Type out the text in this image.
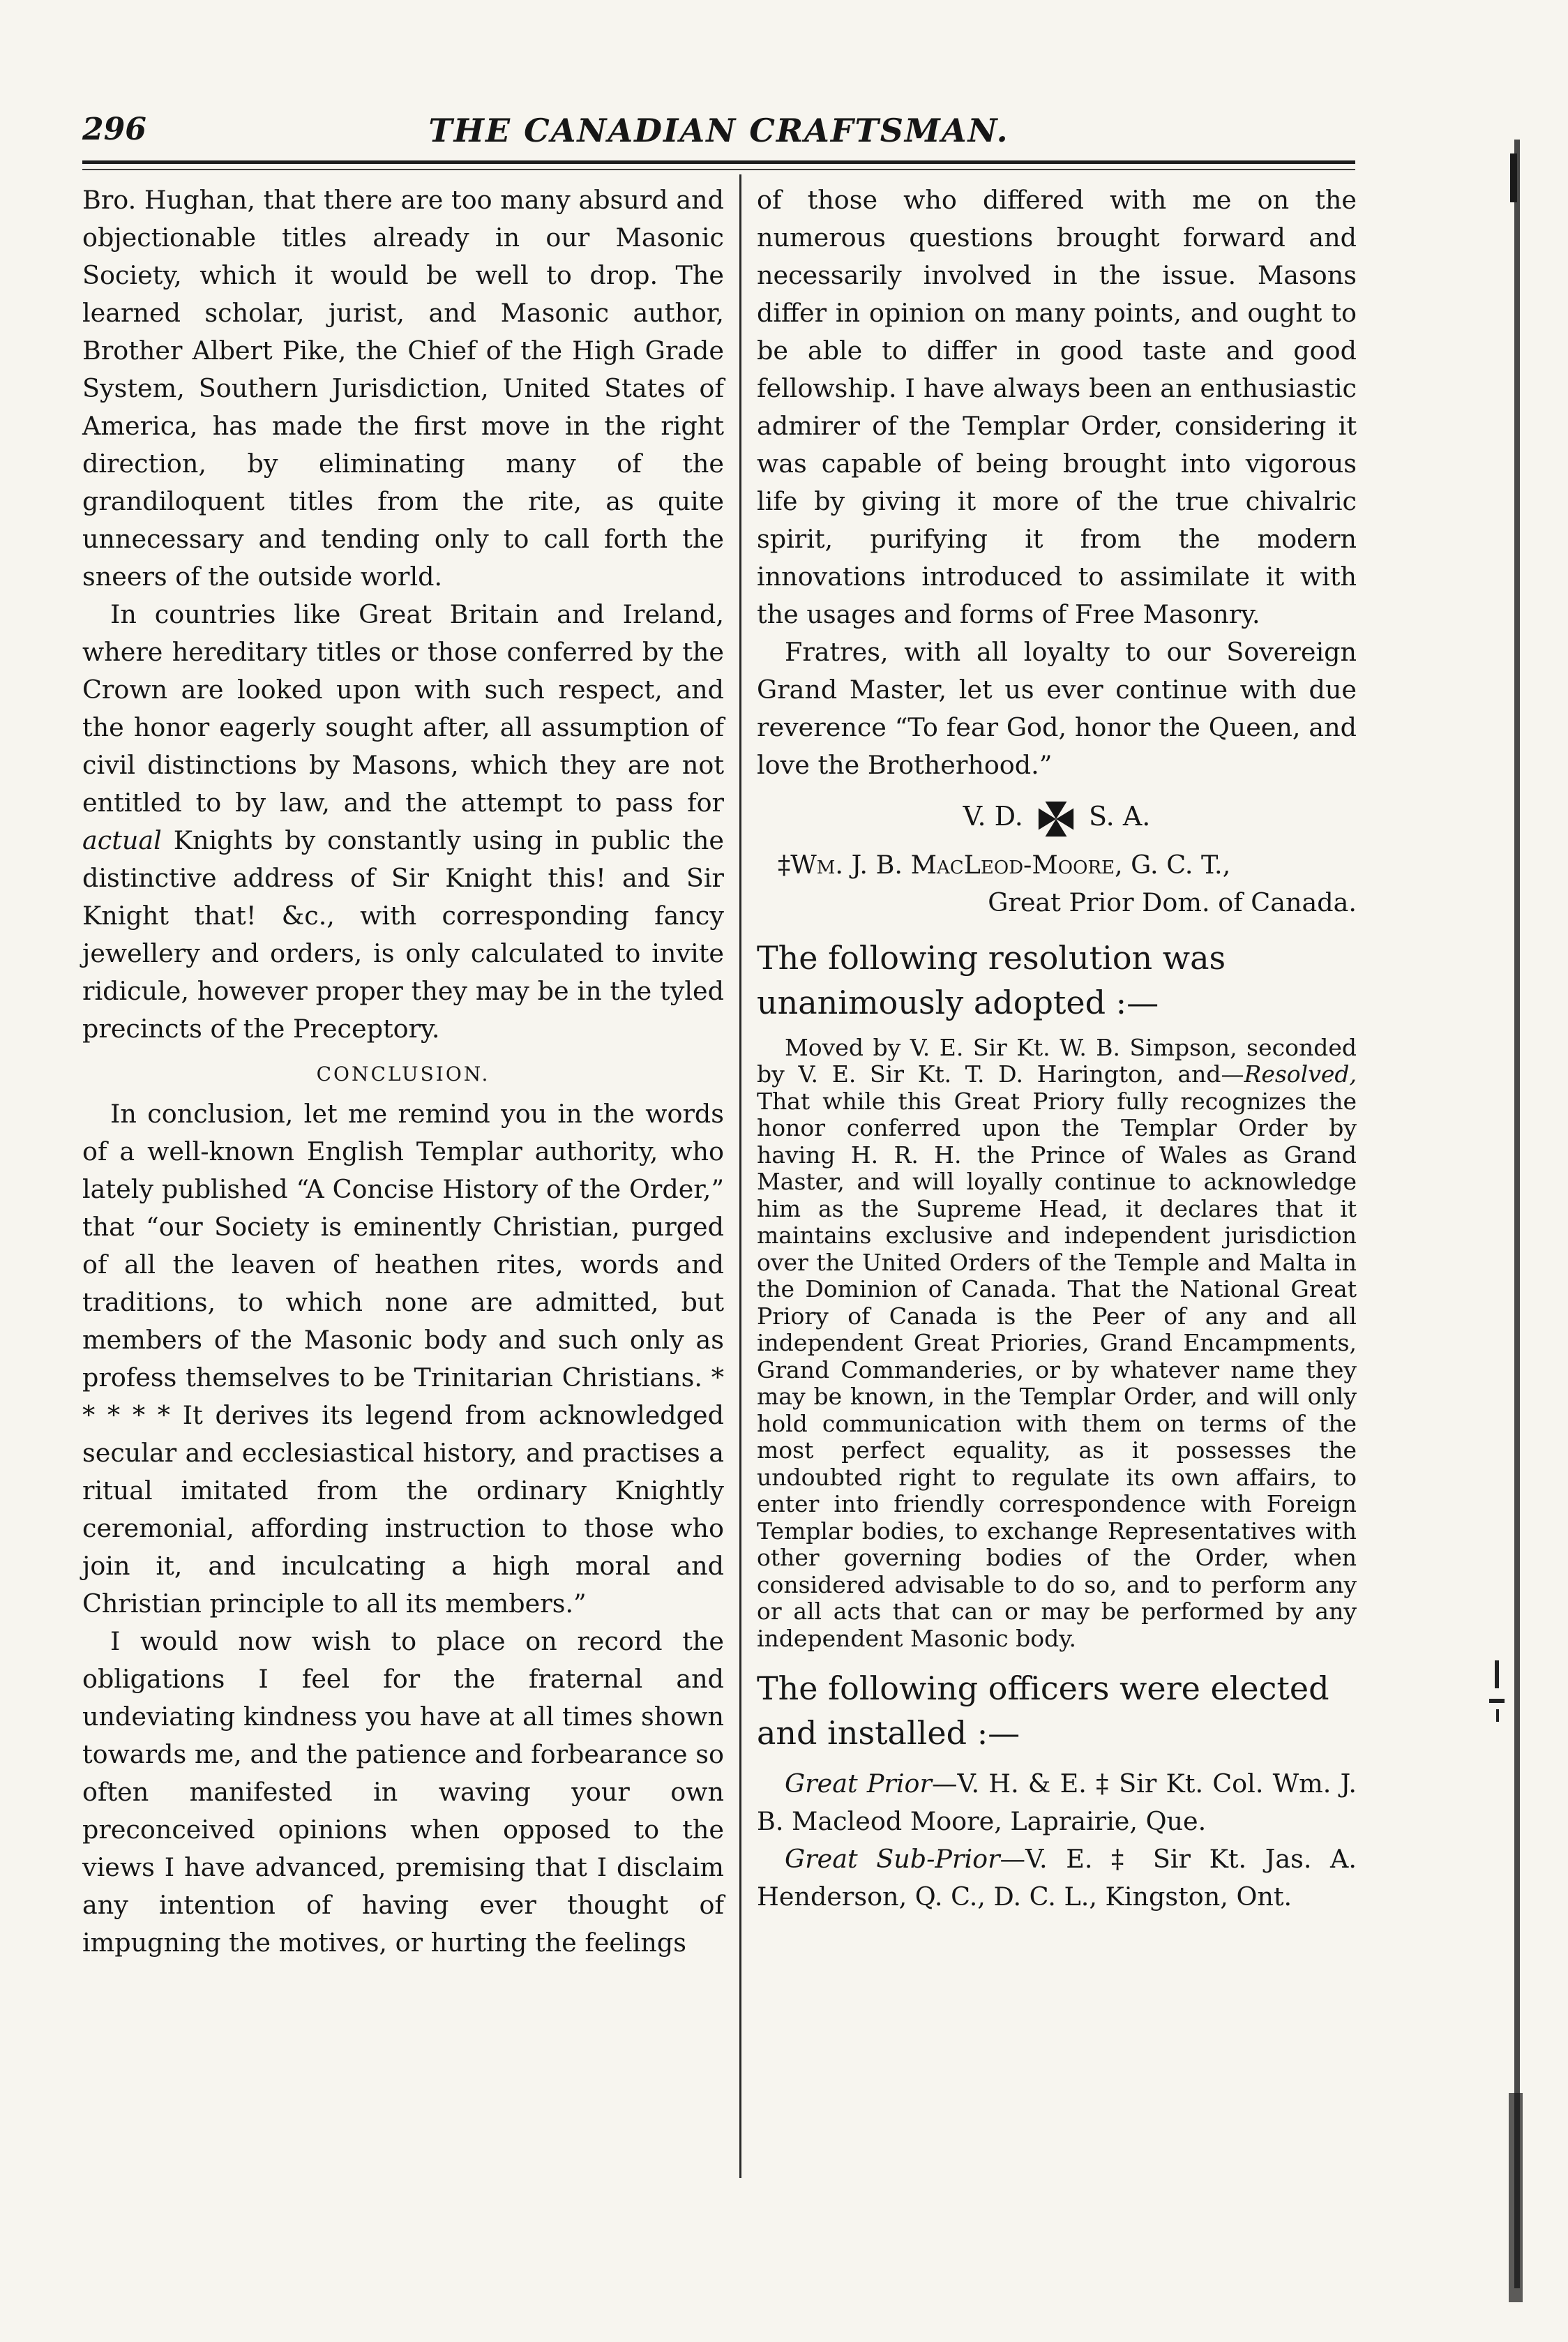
296	THE CANADIAN CRAFTSMAN.

Bro. Hughan, that there are too many absurd and objectionable titles already in our Masonic Society, which it would be well to drop. The learned scholar, jurist, and Masonic author, Brother Albert Pike, the Chief of the High Grade System, Southern Jurisdiction, United States of America, has made the first move in the right direction, by eliminating many of the grandiloquent titles from the rite, as quite unnecessary and tending only to call forth the sneers of the outside world.

In countries like Great Britain and Ireland, where hereditary titles or those conferred by the Crown are looked upon with such respect, and the honor eagerly sought after, all assumption of civil distinctions by Masons, which they are not entitled to by law, and the attempt to pass for actual Knights by constantly using in public the distinctive address of Sir Knight this! and Sir Knight that! &c., with corresponding fancy jewellery and orders, is only calculated to invite ridicule, however proper they may be in the tyled precincts of the Preceptory.

CONCLUSION.

In conclusion, let me remind you in the words of a well-known English Templar authority, who lately published “A Concise History of the Order,” that “our Society is eminently Christian, purged of all the leaven of heathen rites, words and traditions, to which none are admitted, but members of the Masonic body and such only as profess themselves to be Trinitarian Christians. * * * * * It derives its legend from acknowledged secular and ecclesiastical history, and practises a ritual imitated from the ordinary Knightly ceremonial, affording instruction to those who join it, and inculcating a high moral and Christian principle to all its members.”

I would now wish to place on record the obligations I feel for the fraternal and undeviating kindness you have at all times shown towards me, and the patience and forbearance so often manifested in waving your own preconceived opinions when opposed to the views I have advanced, premising that I disclaim any intention of having ever thought of impugning the motives, or hurting the feelings

of those who differed with me on the numerous questions brought forward and necessarily involved in the issue. Masons differ in opinion on many points, and ought to be able to differ in good taste and good fellowship. I have always been an enthusiastic admirer of the Templar Order, considering it was capable of being brought into vigorous life by giving it more of the true chivalric spirit, purifying it from the modern innovations introduced to assimilate it with the usages and forms of Free Masonry.

Fratres, with all loyalty to our Sovereign Grand Master, let us ever continue with due reverence “To fear God, honor the Queen, and love the Brotherhood.”

V. D. S. A.
‡Wm. J. B. MacLeod-Moore, G. C. T.,
Great Prior Dom. of Canada.
The following resolution was unanimously adopted :—

Moved by V. E. Sir Kt. W. B. Simpson, seconded by V. E. Sir Kt. T. D. Harington, and—Resolved, That while this Great Priory fully recognizes the honor conferred upon the Templar Order by having H. R. H. the Prince of Wales as Grand Master, and will loyally continue to acknowledge him as the Supreme Head, it declares that it maintains exclusive and independent jurisdiction over the United Orders of the Temple and Malta in the Dominion of Canada. That the National Great Priory of Canada is the Peer of any and all independent Great Priories, Grand Encampments, Grand Commanderies, or by whatever name they may be known, in the Templar Order, and will only hold communication with them on terms of the most perfect equality, as it possesses the undoubted right to regulate its own affairs, to enter into friendly correspondence with Foreign Templar bodies, to exchange Representatives with other governing bodies of the Order, when considered advisable to do so, and to perform any or all acts that can or may be performed by any independent Masonic body.

The following officers were elected and installed :—
Great Prior—V. H. & E. ‡ Sir Kt. Col. Wm. J. B. Macleod Moore, Laprairie, Que.
Great Sub-Prior—V. E. ‡ Sir Kt. Jas. A. Henderson, Q. C., D. C. L., Kingston, Ont.
